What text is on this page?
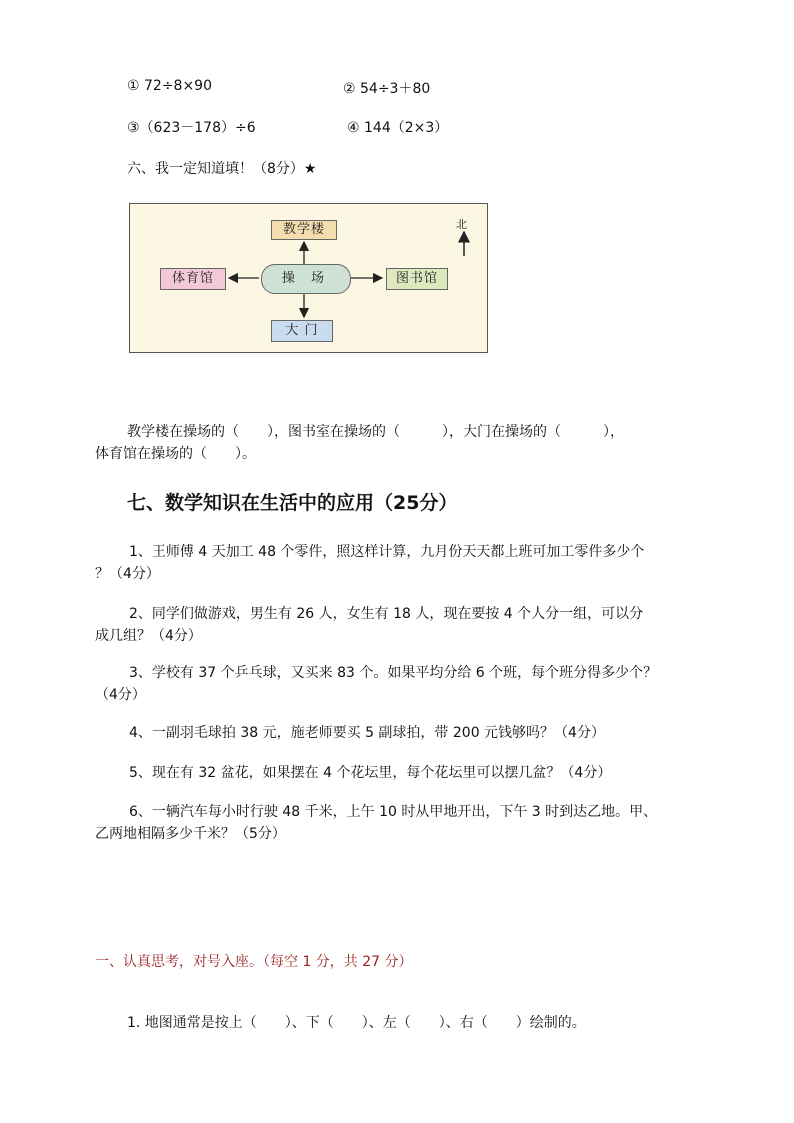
① 72÷8×90	② 54÷3＋80
③（623－178）÷6	④ 144（2×3）
六、我一定知道填！（8分）★
北
教学楼
体育馆	操 场	图书馆
大 门
教学楼在操场的（　　），图书室在操场的（　　　），大门在操场的（　　　），
体育馆在操场的（　　）。
七、数学知识在生活中的应用（25分）
1、王师傅 4 天加工 48 个零件，照这样计算，九月份天天都上班可加工零件多少个
？（4分）
2、同学们做游戏，男生有 26 人，女生有 18 人，现在要按 4 个人分一组，可以分
成几组？（4分）
3、学校有 37 个乒乓球，又买来 83 个。如果平均分给 6 个班，每个班分得多少个？
（4分）
4、一副羽毛球拍 38 元，施老师要买 5 副球拍，带 200 元钱够吗？（4分）
5、现在有 32 盆花，如果摆在 4 个花坛里，每个花坛里可以摆几盆？（4分）
6、一辆汽车每小时行驶 48 千米，上午 10 时从甲地开出，下午 3 时到达乙地。甲、
乙两地相隔多少千米？（5分）
一、认真思考，对号入座。（每空 1 分，共 27 分）
1. 地图通常是按上（　　）、下（　　）、左（　　）、右（　　）绘制的。
